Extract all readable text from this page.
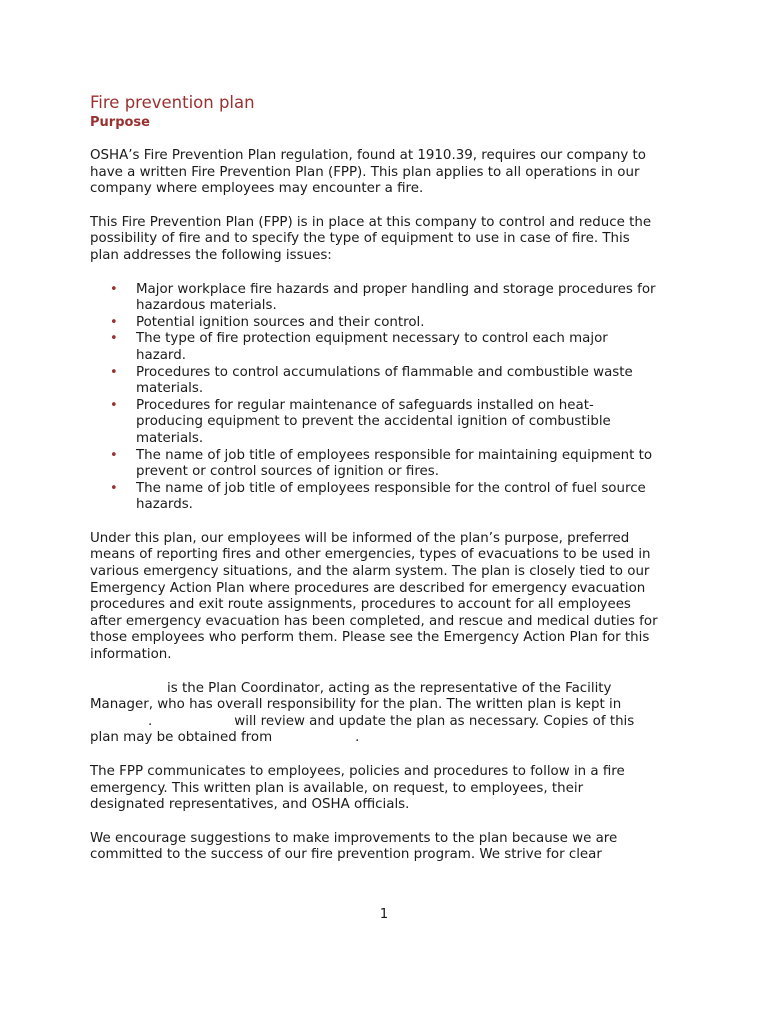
Fire prevention plan
Purpose

OSHA’s Fire Prevention Plan regulation, found at 1910.39, requires our company to
have a written Fire Prevention Plan (FPP). This plan applies to all operations in our
company where employees may encounter a fire.

This Fire Prevention Plan (FPP) is in place at this company to control and reduce the
possibility of fire and to specify the type of equipment to use in case of fire. This
plan addresses the following issues:

• Major workplace fire hazards and proper handling and storage procedures for
hazardous materials.
• Potential ignition sources and their control.
• The type of fire protection equipment necessary to control each major
hazard.
• Procedures to control accumulations of flammable and combustible waste
materials.
• Procedures for regular maintenance of safeguards installed on heat-
producing equipment to prevent the accidental ignition of combustible
materials.
• The name of job title of employees responsible for maintaining equipment to
prevent or control sources of ignition or fires.
• The name of job title of employees responsible for the control of fuel source
hazards.

Under this plan, our employees will be informed of the plan’s purpose, preferred
means of reporting fires and other emergencies, types of evacuations to be used in
various emergency situations, and the alarm system. The plan is closely tied to our
Emergency Action Plan where procedures are described for emergency evacuation
procedures and exit route assignments, procedures to account for all employees
after emergency evacuation has been completed, and rescue and medical duties for
those employees who perform them. Please see the Emergency Action Plan for this
information.

is the Plan Coordinator, acting as the representative of the Facility

Manager, who has overall responsibility for the plan. The written plan is kept in

.	will review and update the plan as necessary. Copies of this

plan may be obtained from	.

The FPP communicates to employees, policies and procedures to follow in a fire
emergency. This written plan is available, on request, to employees, their
designated representatives, and OSHA officials.

We encourage suggestions to make improvements to the plan because we are
committed to the success of our fire prevention program. We strive for clear

1
